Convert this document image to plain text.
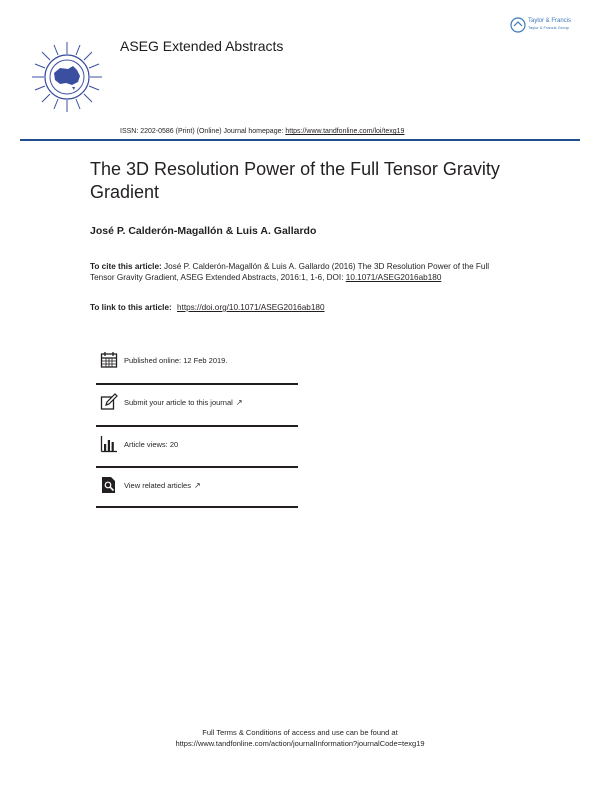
ASEG Extended Abstracts
Taylor & Francis
Taylor & Francis Group
ISSN: 2202-0586 (Print) (Online) Journal homepage: https://www.tandfonline.com/loi/texg19
The 3D Resolution Power of the Full Tensor Gravity Gradient
José P. Calderón-Magallón & Luis A. Gallardo
To cite this article: José P. Calderón-Magallón & Luis A. Gallardo (2016) The 3D Resolution Power of the Full Tensor Gravity Gradient, ASEG Extended Abstracts, 2016:1, 1-6, DOI: 10.1071/ASEG2016ab180
To link to this article: https://doi.org/10.1071/ASEG2016ab180
Published online: 12 Feb 2019.
Submit your article to this journal ↗
Article views: 20
View related articles ↗
Full Terms & Conditions of access and use can be found at
https://www.tandfonline.com/action/journalInformation?journalCode=texg19
